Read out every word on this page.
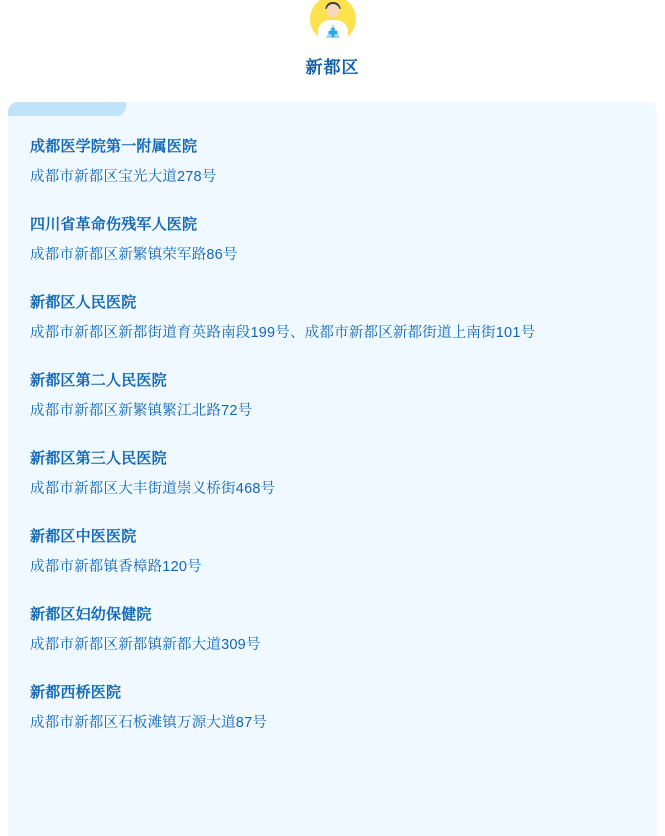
新都区
成都医学院第一附属医院
成都市新都区宝光大道278号
四川省革命伤残军人医院
成都市新都区新繁镇荣军路86号
新都区人民医院
成都市新都区新都街道育英路南段199号、成都市新都区新都街道上南街101号
新都区第二人民医院
成都市新都区新繁镇繁江北路72号
新都区第三人民医院
成都市新都区大丰街道崇义桥街468号
新都区中医医院
成都市新都镇香樟路120号
新都区妇幼保健院
成都市新都区新都镇新都大道309号
新都西桥医院
成都市新都区石板滩镇万源大道87号
